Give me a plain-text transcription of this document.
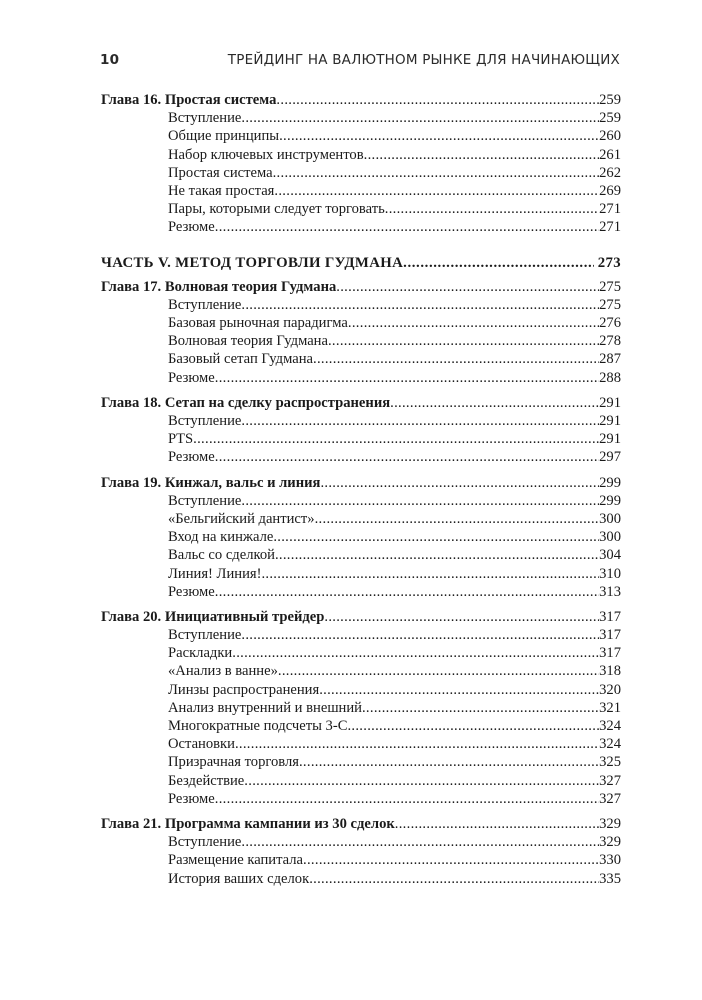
10	ТРЕЙДИНГ НА ВАЛЮТНОМ РЫНКЕ ДЛЯ НАЧИНАЮЩИХ
Глава 16. Простая система .....	259
Вступление .....	259
Общие принципы .....	260
Набор ключевых инструментов .....	261
Простая система .....	262
Не такая простая .....	269
Пары, которыми следует торговать .....	271
Резюме .....	271
ЧАСТЬ V. МЕТОД ТОРГОВЛИ ГУДМАНА .....	273
Глава 17. Волновая теория Гудмана .....	275
Вступление .....	275
Базовая рыночная парадигма .....	276
Волновая теория Гудмана .....	278
Базовый сетап Гудмана .....	287
Резюме .....	288
Глава 18. Сетап на сделку распространения .....	291
Вступление .....	291
PTS .....	291
Резюме .....	297
Глава 19. Кинжал, вальс и линия .....	299
Вступление .....	299
«Бельгийский дантист» .....	300
Вход на кинжале .....	300
Вальс со сделкой .....	304
Линия! Линия! .....	310
Резюме .....	313
Глава 20. Инициативный трейдер .....	317
Вступление .....	317
Раскладки .....	317
«Анализ в ванне» .....	318
Линзы распространения .....	320
Анализ внутренний и внешний .....	321
Многократные подсчеты 3-С .....	324
Остановки .....	324
Призрачная торговля .....	325
Бездействие .....	327
Резюме .....	327
Глава 21. Программа кампании из 30 сделок .....	329
Вступление .....	329
Размещение капитала .....	330
История ваших сделок .....	335
